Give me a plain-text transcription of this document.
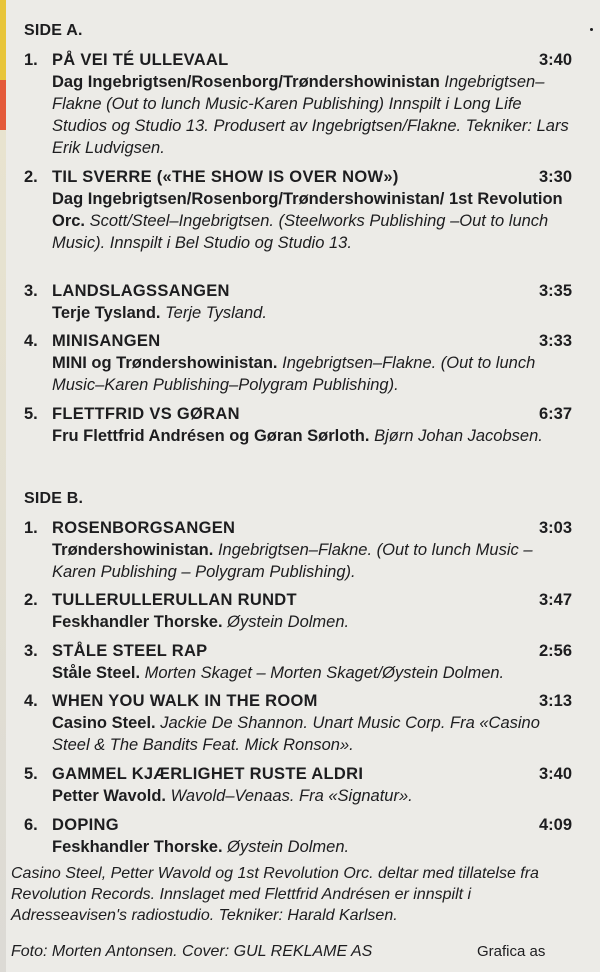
SIDE A.
1. PÅ VEI TÉ ULLEVAAL	3:40
Dag Ingebrigtsen/Rosenborg/Trøndershowinistan Ingebrigtsen–Flakne (Out to lunch Music-Karen Publishing) Innspilt i Long Life Studios og Studio 13. Produsert av Ingebrigtsen/Flakne. Tekniker: Lars Erik Ludvigsen.
2. TIL SVERRE («THE SHOW IS OVER NOW»)	3:30
Dag Ingebrigtsen/Rosenborg/Trøndershowinistan/ 1st Revolution Orc. Scott/Steel–Ingebrigtsen. (Steelworks Publishing –Out to lunch Music). Innspilt i Bel Studio og Studio 13.
3. LANDSLAGSSANGEN	3:35
Terje Tysland. Terje Tysland.
4. MINISANGEN	3:33
MINI og Trøndershowinistan. Ingebrigtsen–Flakne. (Out to lunch Music–Karen Publishing–Polygram Publishing).
5. FLETTFRID VS GØRAN	6:37
Fru Flettfrid Andrésen og Gøran Sørloth. Bjørn Johan Jacobsen.
SIDE B.
1. ROSENBORGSANGEN	3:03
Trøndershowinistan. Ingebrigtsen–Flakne. (Out to lunch Music – Karen Publishing – Polygram Publishing).
2. TULLERULLERULLAN RUNDT	3:47
Feskhandler Thorske. Øystein Dolmen.
3. STÅLE STEEL RAP	2:56
Ståle Steel. Morten Skaget – Morten Skaget/Øystein Dolmen.
4. WHEN YOU WALK IN THE ROOM	3:13
Casino Steel. Jackie De Shannon. Unart Music Corp. Fra «Casino Steel & The Bandits Feat. Mick Ronson».
5. GAMMEL KJÆRLIGHET RUSTE ALDRI	3:40
Petter Wavold. Wavold–Venaas. Fra «Signatur».
6. DOPING	4:09
Feskhandler Thorske. Øystein Dolmen.
Casino Steel, Petter Wavold og 1st Revolution Orc. deltar med tillatelse fra Revolution Records. Innslaget med Flettfrid Andrésen er innspilt i Adresseavisen's radiostudio. Tekniker: Harald Karlsen.
Foto: Morten Antonsen. Cover: GUL REKLAME AS	Grafica as
